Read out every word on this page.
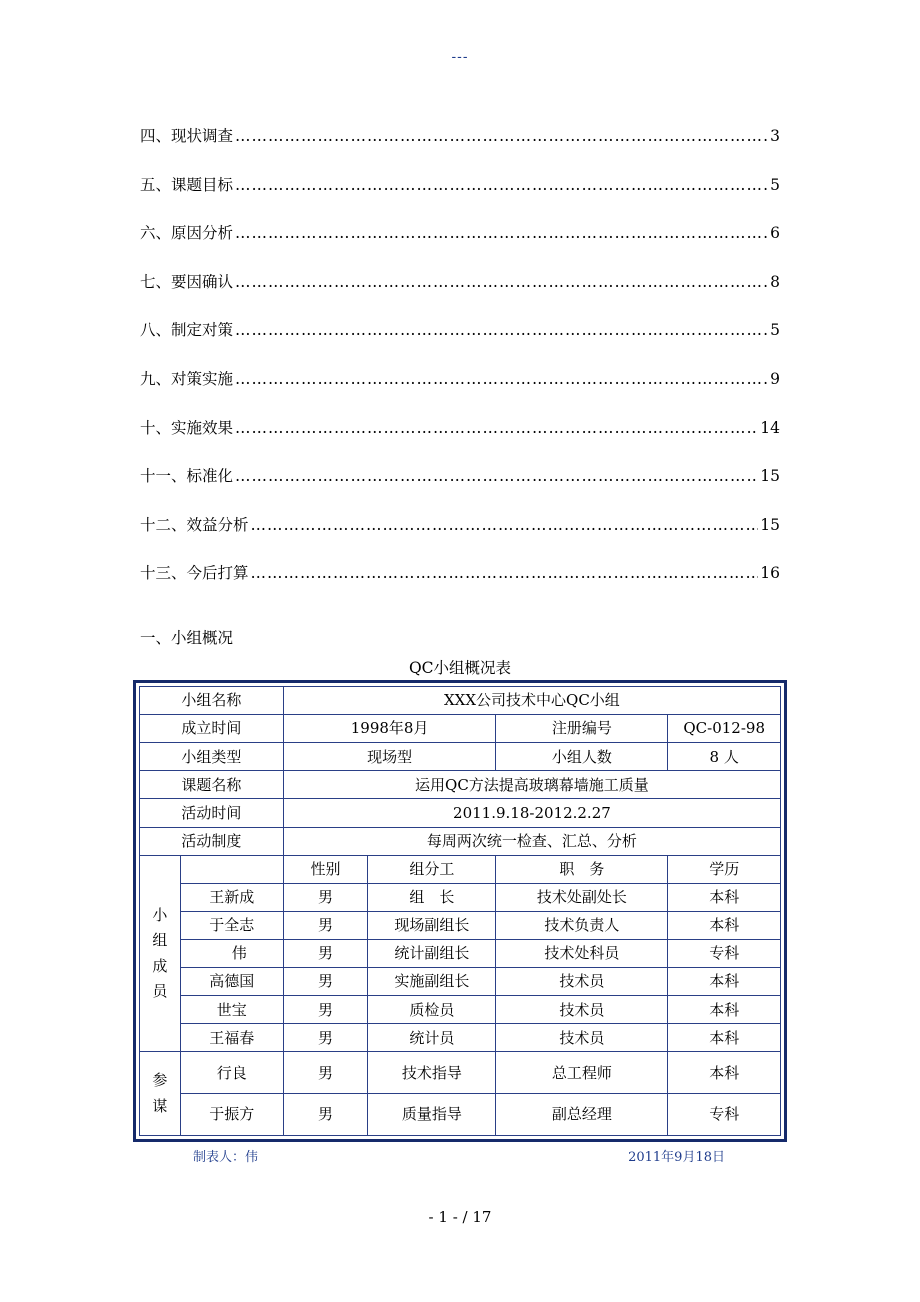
---
四、现状调查 …………………………………………………………………………………………………………………………………………………………	3
五、课题目标 …………………………………………………………………………………………………………………………………………………………	5
六、原因分析 …………………………………………………………………………………………………………………………………………………………	6
七、要因确认 …………………………………………………………………………………………………………………………………………………………	8
八、制定对策 …………………………………………………………………………………………………………………………………………………………	5
九、对策实施 …………………………………………………………………………………………………………………………………………………………	9
十、实施效果 …………………………………………………………………………………………………………………………………………………………	14
十一、标准化 …………………………………………………………………………………………………………………………………………………………	15
十二、效益分析 …………………………………………………………………………………………………………………………………………………………	15
十三、今后打算 …………………………………………………………………………………………………………………………………………………………	16
一、小组概况
QC小组概况表
小组名称		XXX公司技术中心QC小组			
成立时间		1998年8月		注册编号	QC-012-98
小组类型		现场型		小组人数	8 人
课题名称		运用QC方法提高玻璃幕墙施工质量			
活动时间		2011.9.18-2012.2.27			
活动制度		每周两次统一检查、汇总、分析			

小
组
成
员		性别	组分工	职　务	学历
	王新成	男	组　长	技术处副处长	本科
	于全志	男	现场副组长	技术负责人	本科
	　伟	男	统计副组长	技术处科员	专科
	高德国	男	实施副组长	技术员	本科
	世宝	男	质检员	技术员	本科
	王福春	男	统计员	技术员	本科

参
谋	行良	男	技术指导	总工程师	本科
	于振方	男	质量指导	副总经理	专科
制表人：伟	2011年9月18日
- 1 - / 17
